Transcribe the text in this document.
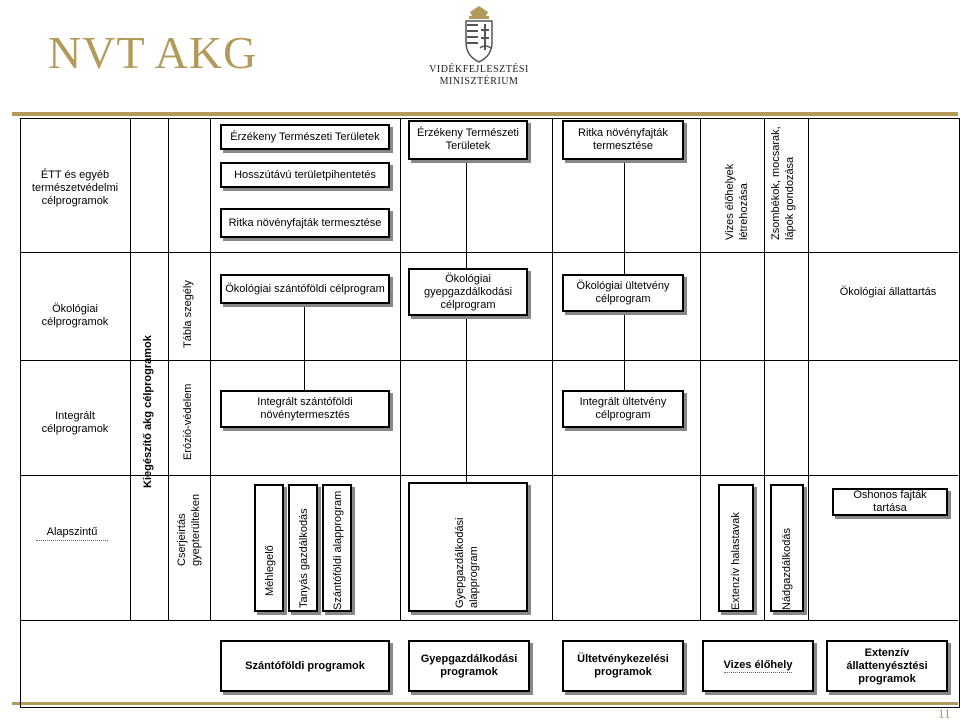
NVT AKG	VIDÉKFEJLESZTÉSI
MINISZTÉRIUM
11
ÉTT és egyéb természetvédelmi célprogramok
Ökológiai célprogramok
Integrált célprogramok
Alapszintű
Kiegészítő akg célprogramok
Tábla szegély
Erózió-védelem
Cserjeirtás gyepterülteken
Érzékeny Természeti Területek
Hosszútávú területpihentetés
Ritka növényfajták termesztése
Érzékeny Természeti Területek
Ritka növényfajták termesztése
Vizes élőhelyek létrehozása Zsombékok, mocsarak, lápok gondozása
Ökológiai szántóföldi célprogram
Ökológiai gyepgazdálkodási célprogram
Ökológiai ültetvény célprogram
Ökológiai állattartás
Integrált szántóföldi növénytermesztés
Integrált ültetvény célprogram
Méhlegelő Tanyás gazdálkodás Szántóföldi alapprogram	Gyepgazdálkodási alapprogram	Extenzív halastavak	Nádgazdálkodás
Őshonos fajták tartása
Szántóföldi programok
Gyepgazdálkodási programok
Ültetvénykezelési programok
Vizes élőhely
Extenzív állattenyésztési programok
